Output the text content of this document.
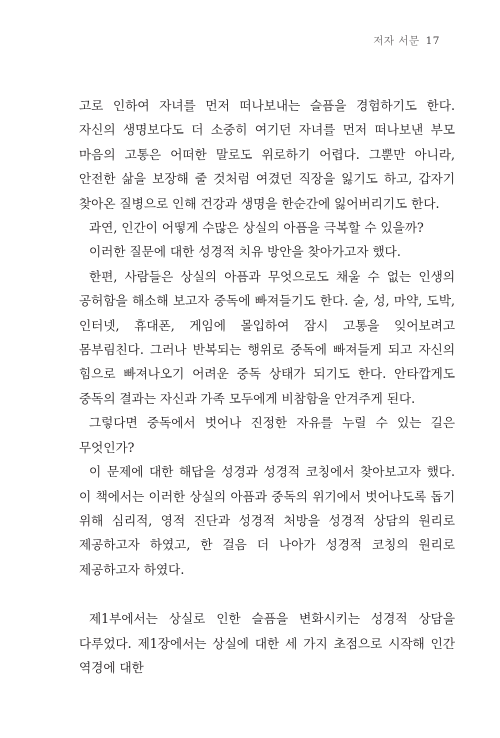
저자 서문 17

고로 인하여 자녀를 먼저 떠나보내는 슬픔을 경험하기도 한다. 자신의 생명보다도 더 소중히 여기던 자녀를 먼저 떠나보낸 부모 마음의 고통은 어떠한 말로도 위로하기 어렵다. 그뿐만 아니라, 안전한 삶을 보장해 줄 것처럼 여겼던 직장을 잃기도 하고, 갑자기 찾아온 질병으로 인해 건강과 생명을 한순간에 잃어버리기도 한다.

과연, 인간이 어떻게 수많은 상실의 아픔을 극복할 수 있을까?

이러한 질문에 대한 성경적 치유 방안을 찾아가고자 했다.

한편, 사람들은 상실의 아픔과 무엇으로도 채울 수 없는 인생의 공허함을 해소해 보고자 중독에 빠져들기도 한다. 술, 성, 마약, 도박, 인터넷, 휴대폰, 게임에 몰입하여 잠시 고통을 잊어보려고 몸부림친다. 그러나 반복되는 행위로 중독에 빠져들게 되고 자신의 힘으로 빠져나오기 어려운 중독 상태가 되기도 한다. 안타깝게도 중독의 결과는 자신과 가족 모두에게 비참함을 안겨주게 된다.

그렇다면 중독에서 벗어나 진정한 자유를 누릴 수 있는 길은 무엇인가?

이 문제에 대한 해답을 성경과 성경적 코칭에서 찾아보고자 했다. 이 책에서는 이러한 상실의 아픔과 중독의 위기에서 벗어나도록 돕기 위해 심리적, 영적 진단과 성경적 처방을 성경적 상담의 원리로 제공하고자 하였고, 한 걸음 더 나아가 성경적 코칭의 원리로 제공하고자 하였다.

제1부에서는 상실로 인한 슬픔을 변화시키는 성경적 상담을 다루었다. 제1장에서는 상실에 대한 세 가지 초점으로 시작해 인간 역경에 대한
